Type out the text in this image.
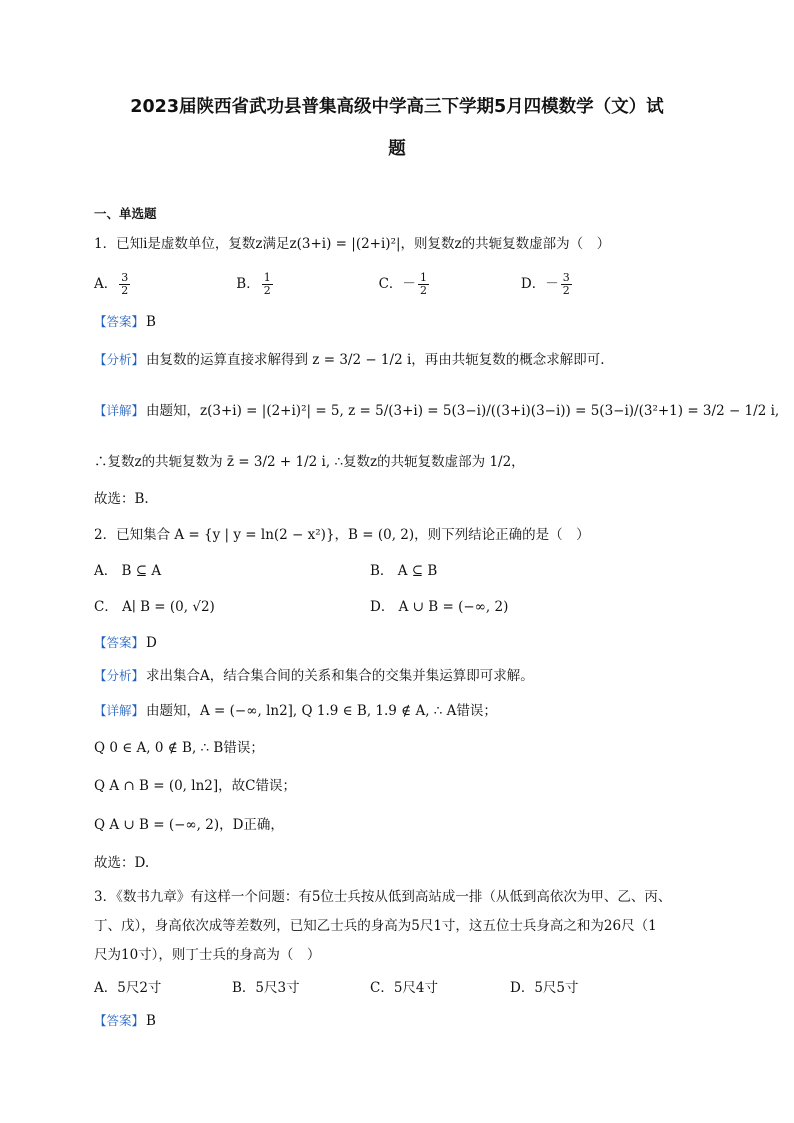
2023届陕西省武功县普集高级中学高三下学期5月四模数学（文）试
题
一、单选题
1．已知i是虚数单位，复数z满足z(3+i) = |(2+i)²|，则复数z的共轭复数虚部为（　）
A． $\frac{3}{2}$	B． $\frac{1}{2}$	C．－ $\frac{1}{2}$	D．－ $\frac{3}{2}$
【答案】 B
【分析】 由复数的运算直接求解得到 z = 3/2 − 1/2 i，再由共轭复数的概念求解即可.
【详解】 由题知，z(3+i) = |(2+i)²| = 5, z = 5/(3+i) = 5(3−i)/((3+i)(3−i)) = 5(3−i)/(3²+1) = 3/2 − 1/2 i,
∴复数z的共轭复数为 z̄ = 3/2 + 1/2 i, ∴复数z的共轭复数虚部为 1/2，
故选：B.
2．已知集合 A = {y | y = ln(2 − x²)}，B = (0, 2)，则下列结论正确的是（　）
A． B ⊆ A	B． A ⊆ B
C． A∣ B = (0, √2)	D． A ∪ B = (−∞, 2)
【答案】 D
【分析】 求出集合A，结合集合间的关系和集合的交集并集运算即可求解。
【详解】 由题知，A = (−∞, ln2], Q 1.9 ∈ B, 1.9 ∉ A, ∴ A错误；
Q 0 ∈ A, 0 ∉ B, ∴ B错误；
Q A ∩ B = (0, ln2]，故C错误；
Q A ∪ B = (−∞, 2)，D正确，
故选：D.
3．《数书九章》有这样一个问题：有5位士兵按从低到高站成一排（从低到高依次为甲、乙、丙、
丁、戊），身高依次成等差数列，已知乙士兵的身高为5尺1寸，这五位士兵身高之和为26尺（1
尺为10寸），则丁士兵的身高为（　）
A．5尺2寸	B．5尺3寸	C．5尺4寸	D．5尺5寸
【答案】 B
